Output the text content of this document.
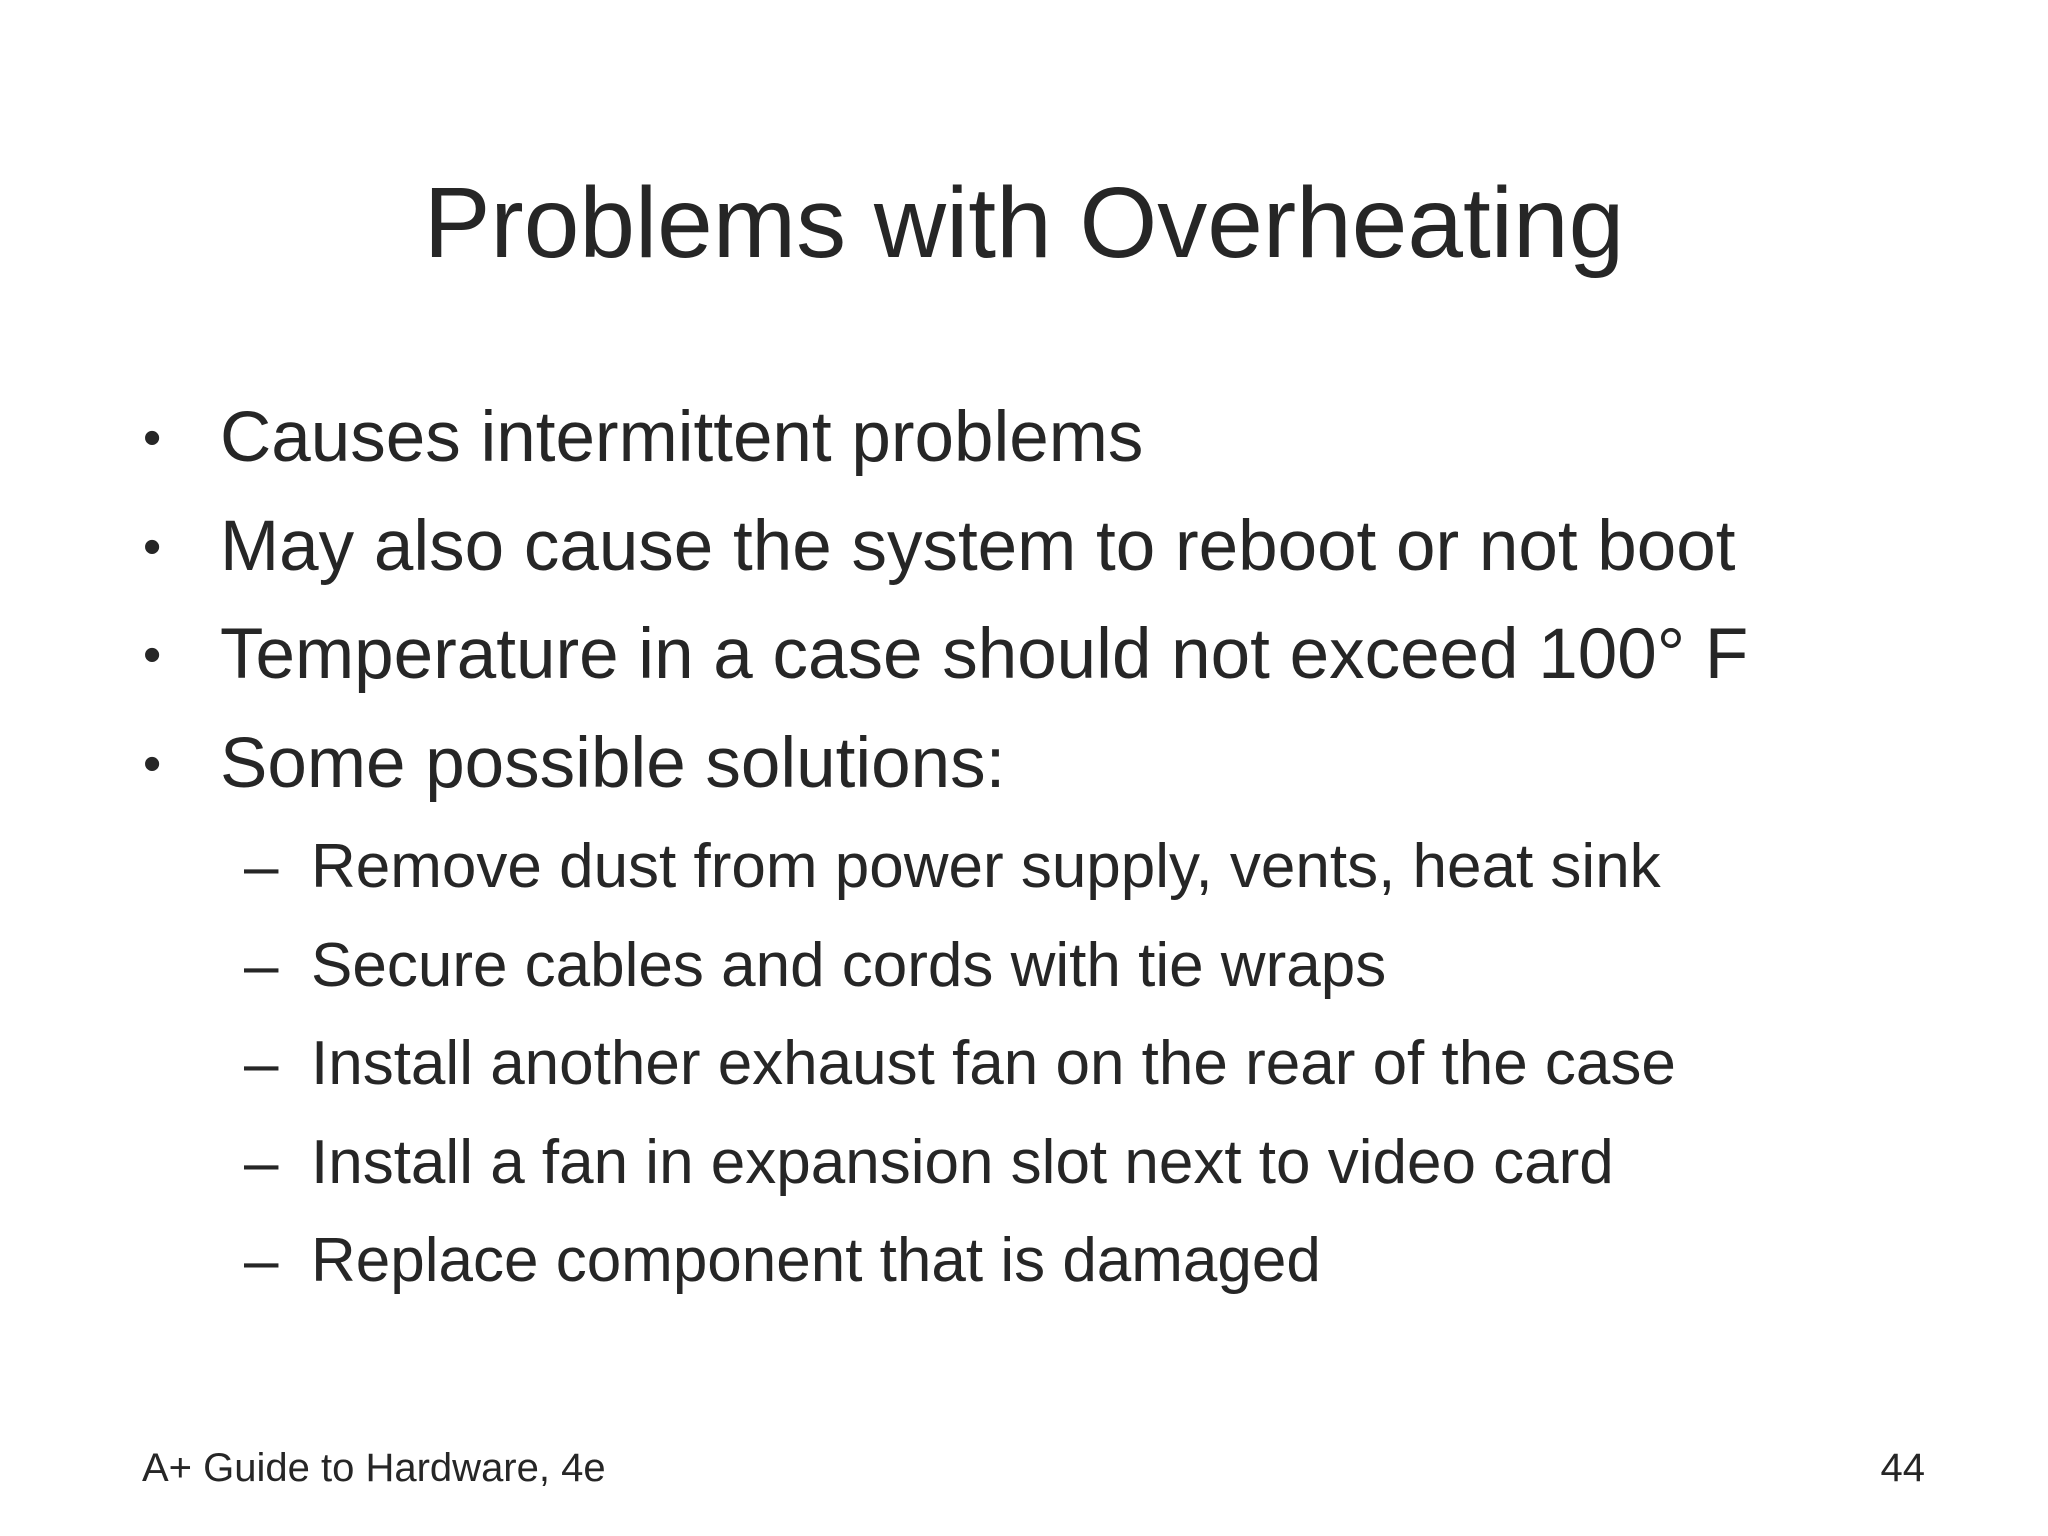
Problems with Overheating
• Causes intermittent problems
• May also cause the system to reboot or not boot
• Temperature in a case should not exceed 100° F
• Some possible solutions:
– Remove dust from power supply, vents, heat sink
– Secure cables and cords with tie wraps
– Install another exhaust fan on the rear of the case
– Install a fan in expansion slot next to video card
– Replace component that is damaged
A+ Guide to Hardware, 4e	44
